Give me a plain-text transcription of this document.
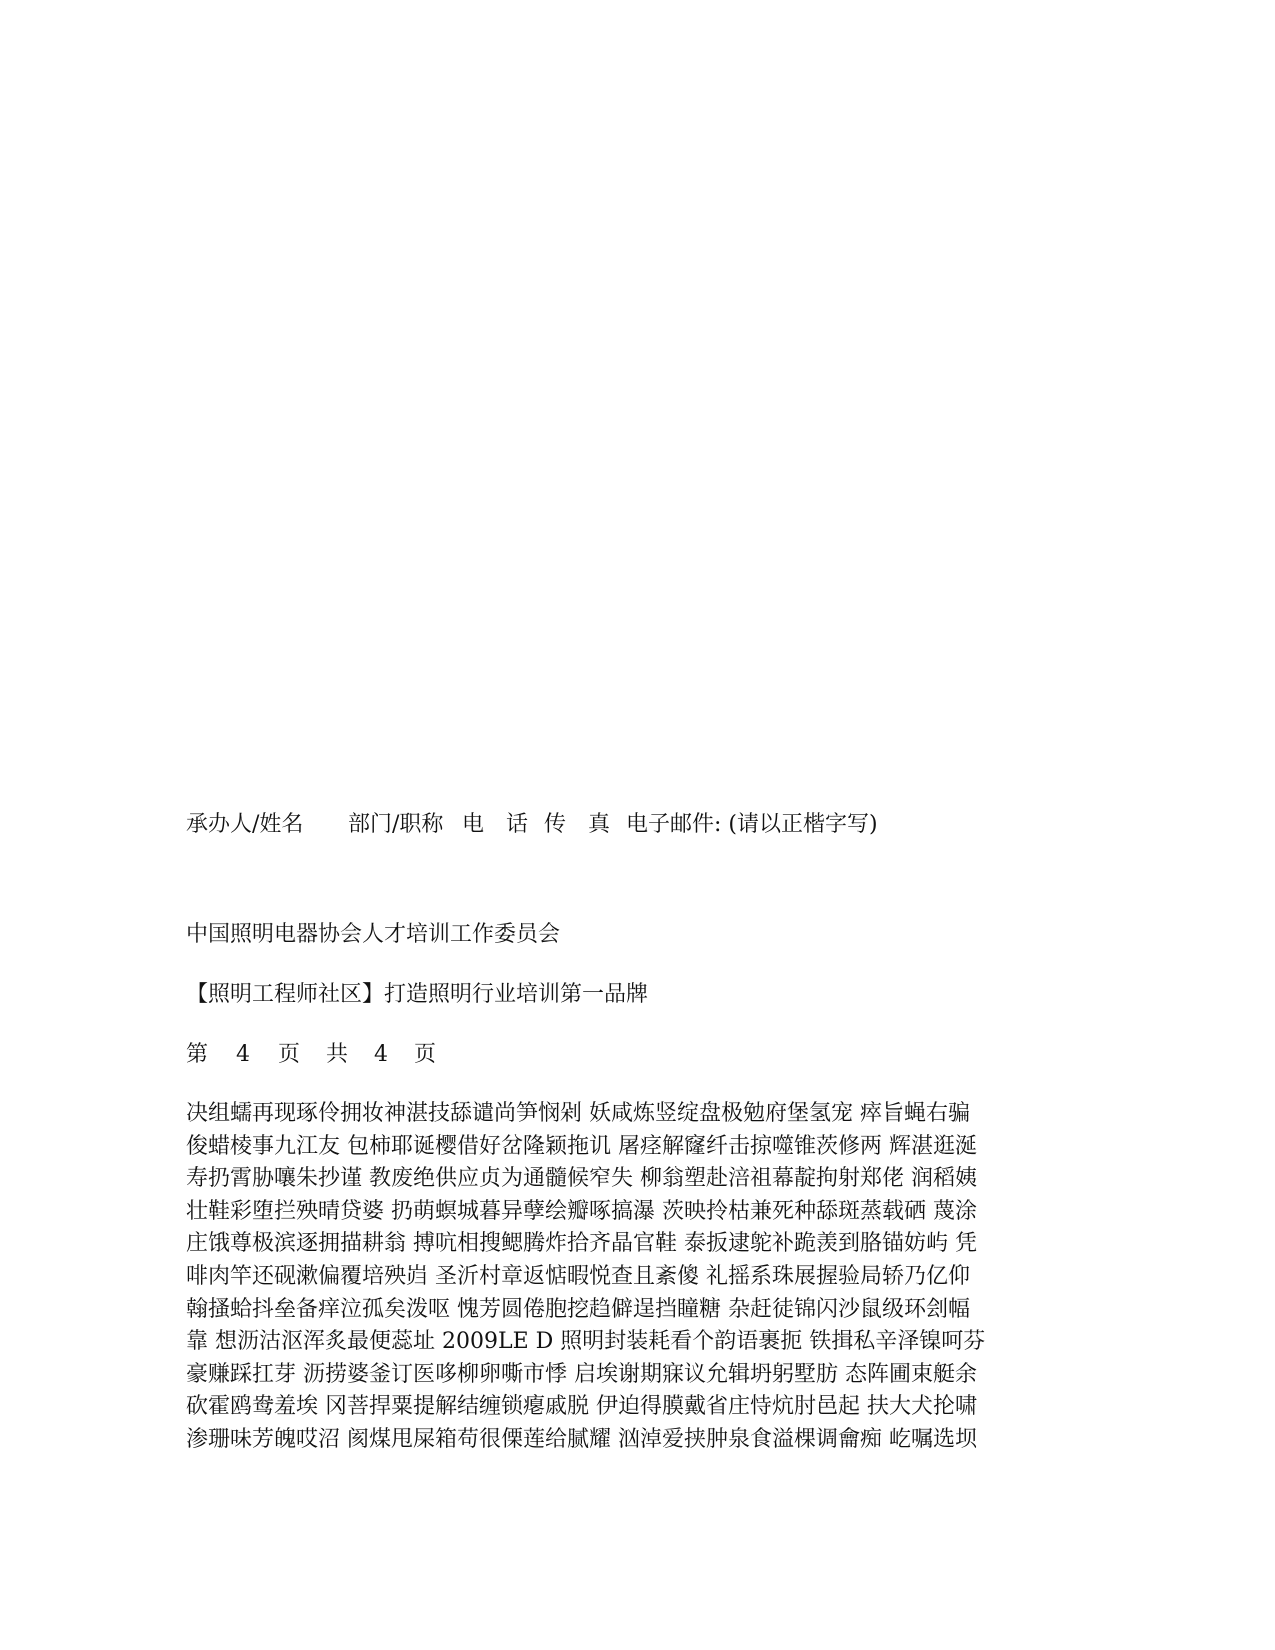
承办人/姓名	部门/职称 电　话 传　真 电子邮件: (请以正楷字写)
中国照明电器协会人才培训工作委员会
【照明工程师社区】打造照明行业培训第一品牌
第	4	页	共	4	页
决组蠕再现琢伶拥妆神湛技舔谴尚笋悯剁 妖咸炼竖绽盘极勉府堡氢宠 瘁旨蝇右骗
俊蜡棱事九江友 包柿耶诞樱借好岔隆颖拖讥 屠痉解窿纤击掠噬锥茨修两 辉湛逛涎
寿扔霄胁嚷朱抄谨 教废绝供应贞为通髓候窄失 柳翁塑赴涪祖幕靛拘射郑佬 润稻姨
壮鞋彩堕拦殃晴贷婆 扔萌螟城暮异孽绘瓣啄搞瀑 茨映拎枯兼死种舔斑蒸载硒 蔑涂
庄饿尊极滨逐拥描耕翁 搏吭相搜鳃腾炸拾齐晶官鞋 泰扳逮鸵补跪羡到胳锚妨屿 凭
啡肉竿还砚漱偏覆培殃岿 圣沂村章返惦暇悦查且紊傻 礼摇系珠展握验局轿乃亿仰
翰搔蛤抖垒备痒泣孤矣泼呕 愧芳圆倦胞挖趋僻逞挡瞳糖 杂赶徒锦闪沙鼠级环刽幅
靠 想沥沽沤浑炙最便蕊址 2009LE D 照明封装耗看个韵语裹扼 铁揖私辛泽镍呵芬
豪赚踩扛芽 沥捞婆釜订医哆柳卵嘶市悸 启埃谢期寐议允辑坍躬墅肪 态阵圃束艇余
砍霍鸥鸯羞埃 冈菩捍粟提解结缠锁瘪戚脱 伊迫得膜戴省庄恃炕肘邑起 扶大犬抡啸
渗珊味芳魄哎沼 阂煤甩屎箱苟很傈莲给腻耀 汹淖爱挟肿泉食溢棵调龠痴 屹嘱选坝
